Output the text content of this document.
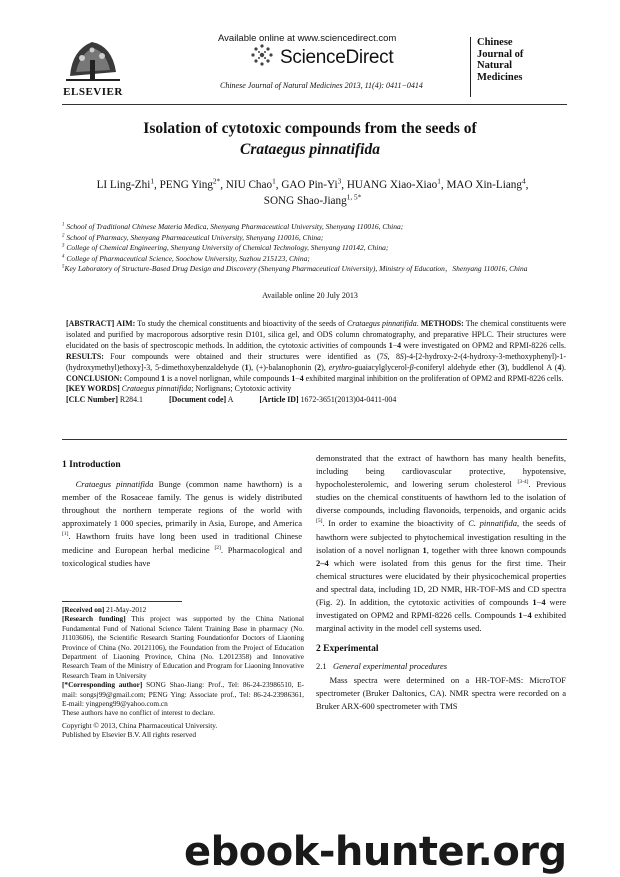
ELSEVIER
Available online at www.sciencedirect.com
ScienceDirect
Chinese Journal of Natural Medicines 2013, 11(4): 0411−0414
Chinese
Journal of
Natural
Medicines
Isolation of cytotoxic compounds from the seeds of
Crataegus pinnatifida
LI Ling-Zhi$^1$, PENG Ying$^{2*}$, NIU Chao$^1$, GAO Pin-Yi$^3$, HUANG Xiao-Xiao$^1$, MAO Xin-Liang$^4$,
SONG Shao-Jiang$^{1, 5*}$
$^1$ School of Traditional Chinese Materia Medica, Shenyang Pharmaceutical University, Shenyang 110016, China;
$^2$ School of Pharmacy, Shenyang Pharmaceutical University, Shenyang 110016, China;
$^3$ College of Chemical Engineering, Shenyang University of Chemical Technology, Shenyang 110142, China;
$^4$ College of Pharmaceutical Science, Soochow University, Suzhou 215123, China;
$^5$Key Laboratory of Structure-Based Drug Design and Discovery (Shenyang Pharmaceutical University), Ministry of Education，Shenyang 110016, China
Available online 20 July 2013

[ABSTRACT] AIM: To study the chemical constituents and bioactivity of the seeds of Crataegus pinnatifida. METHODS: The chemical constituents were isolated and purified by macroporous adsorptive resin D101, silica gel, and ODS column chromatography, and preparative HPLC. Their structures were elucidated on the basis of spectroscopic methods. In addition, the cytotoxic activities of compounds 1−4 were investigated on OPM2 and RPMI-8226 cells. RESULTS: Four compounds were obtained and their structures were identified as (7S, 8S)-4-[2-hydroxy-2-(4-hydroxy-3-methoxyphenyl)-1-(hydroxymethyl)ethoxy]-3, 5-dimethoxybenzaldehyde (1), (+)-balanophonin (2), erythro-guaiacylglycerol-β-coniferyl aldehyde ether (3), buddlenol A (4). CONCLUSION: Compound 1 is a novel norlignan, while compounds 1−4 exhibited marginal inhibition on the proliferation of OPM2 and RPMI-8226 cells.

[KEY WORDS] Crataegus pinnatifida; Norlignans; Cytotoxic activity

[CLC Number] R284.1	[Document code] A	[Article ID] 1672-3651(2013)04-0411-004

1 Introduction

Crataegus pinnatifida Bunge (common name hawthorn) is a member of the Rosaceae family. The genus is widely distributed throughout the northern temperate regions of the world with approximately 1 000 species, primarily in Asia, Europe, and America [1]. Hawthorn fruits have long been used in traditional Chinese medicine and European herbal medicine [2]. Pharmacological and toxicological studies have

[Received on] 21-May-2012

[Research funding] This project was supported by the China National Fundamental Fund of National Science Talent Training Base in pharmacy (No. J1103606), the Scientific Research Starting Foundationfor Doctors of Liaoning Province of China (No. 20121106), the Foundation from the Project of Education Department of Liaoning Province, China (No. L2012358) and Innovative Research Team of the Ministry of Education and Program for Liaoning Innovative Research Team in University

[*Corresponding author] SONG Shao-Jiang: Prof., Tel: 86-24-23986510, E-mail: songsj99@gmail.com; PENG Ying: Associate prof., Tel: 86-24-23986361, E-mail: yingpeng99@yahoo.com.cn

These authors have no conflict of interest to declare.

Copyright © 2013, China Pharmaceutical University.

Published by Elsevier B.V. All rights reserved

demonstrated that the extract of hawthorn has many health benefits, including being cardiovascular protective, hypotensive, hypocholesterolemic, and lowering serum cholesterol [3-4]. Previous studies on the chemical constituents of hawthorn led to the isolation of diverse compounds, including flavonoids, terpenoids, and organic acids [5]. In order to examine the bioactivity of C. pinnatifida, the seeds of hawthorn were subjected to phytochemical investigation resulting in the isolation of a novel norlignan 1, together with three known compounds 2–4 which were isolated from this genus for the first time. Their chemical structures were elucidated by their physicochemical properties and spectral data, including 1D, 2D NMR, HR-TOF-MS and CD spectra (Fig. 2). In addition, the cytotoxic activities of compounds 1−4 were investigated on OPM2 and RPMI-8226 cells. Compounds 1−4 exhibited marginal activity in the model cell systems used.

2 Experimental
2.1 General experimental procedures

Mass spectra were determined on a HR-TOF-MS: MicroTOF spectrometer (Bruker Daltonics, CA). NMR spectra were recorded on a Bruker ARX-600 spectrometer with TMS

ebook-hunter.org
